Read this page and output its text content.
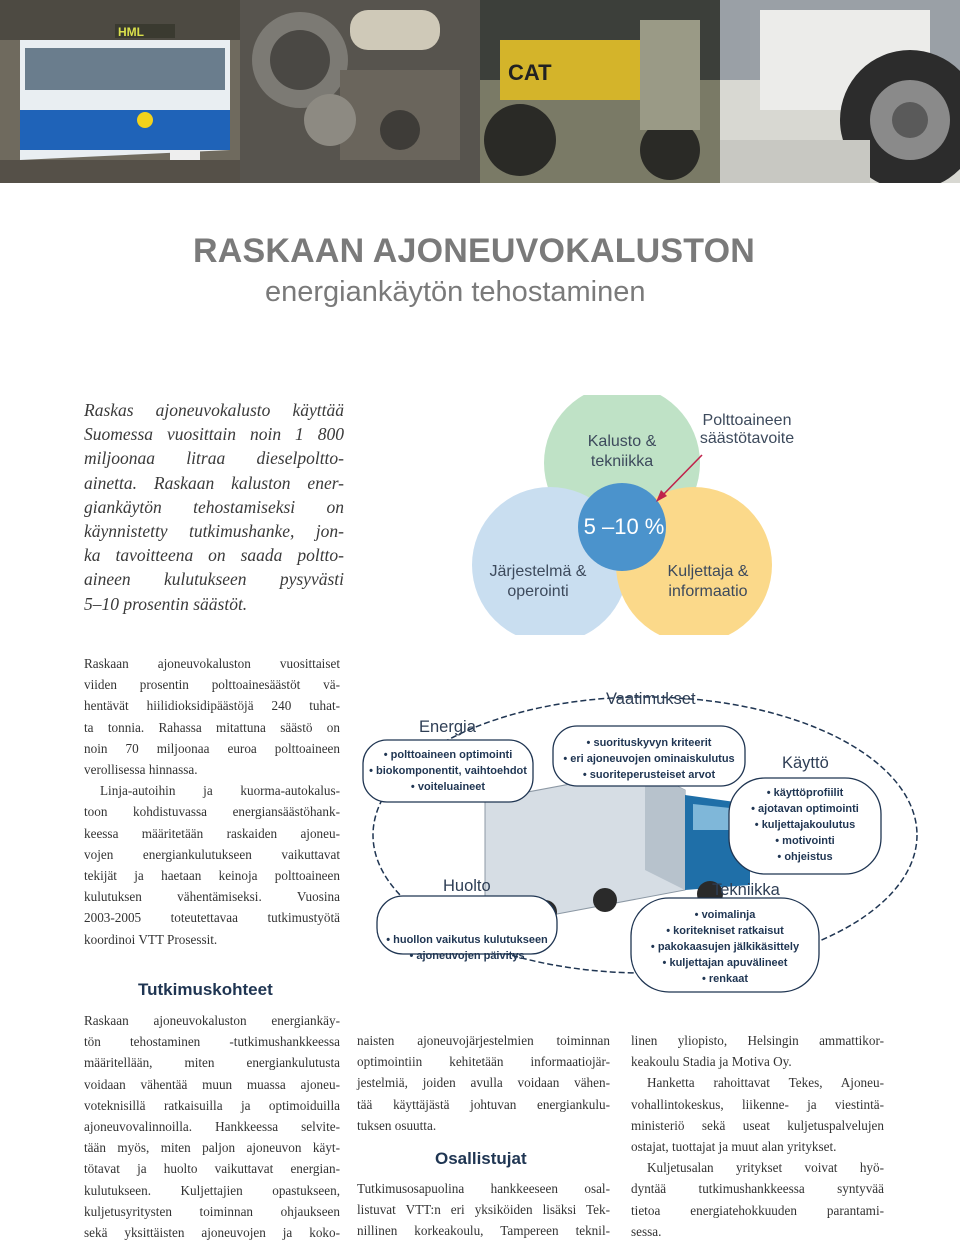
HML
CAT
RASKAAN AJONEUVOKALUSTON
energiankäytön tehostaminen
Raskas ajoneuvokalusto käyttää
Suomessa vuosittain noin 1 800
miljoonaa litraa dieselpoltto-
ainetta. Raskaan kaluston ener-
giankäytön tehostamiseksi on
käynnistetty tutkimushanke, jon-
ka tavoitteena on saada poltto-
aineen kulutukseen pysyvästi
5–10 prosentin säästöt.
Kalusto &
tekniikka
Järjestelmä &
operointi
Kuljettaja &
informaatio
5 –10 %
Polttoaineen
säästötavoite
Raskaan ajoneuvokaluston vuosittaiset
viiden prosentin polttoainesäästöt vä-
hentävät hiilidioksidipäästöjä 240 tuhat-
ta tonnia. Rahassa mitattuna säästö on
noin 70 miljoonaa euroa polttoaineen
verollisessa hinnassa.
Linja-autoihin ja kuorma-autokalus-
toon kohdistuvassa energiansäästöhank-
keessa määritetään raskaiden ajoneu-
vojen energiankulutukseen vaikuttavat
tekijät ja haetaan keinoja polttoaineen
kulutuksen vähentämiseksi. Vuosina
2003-2005 toteutettavaa tutkimustyötä
koordinoi VTT Prosessit.
Tutkimuskohteet
Raskaan ajoneuvokaluston energiankäy-
tön tehostaminen -tutkimushankkeessa
määritellään, miten energiankulutusta
voidaan vähentää muun muassa ajoneu-
voteknisillä ratkaisuilla ja optimoiduilla
ajoneuvovalinnoilla. Hankkeessa selvite-
tään myös, miten paljon ajoneuvon käyt-
tötavat ja huolto vaikuttavat energian-
kulutukseen. Kuljettajien opastukseen,
kuljetusyritysten toiminnan ohjaukseen
sekä yksittäisten ajoneuvojen ja koko-
Energia
• polttoaineen optimointi
• biokomponentit, vaihtoehdot
• voiteluaineet
Vaatimukset
• suorituskyvyn kriteerit
• eri ajoneuvojen ominaiskulutus
• suoriteperusteiset arvot
Käyttö
• käyttöprofiilit
• ajotavan optimointi
• kuljettajakoulutus
• motivointi
• ohjeistus
Huolto
• huollon vaikutus kulutukseen
• ajoneuvojen päivitys
Tekniikka
• voimalinja
• koritekniset ratkaisut
• pakokaasujen jälkikäsittely
• kuljettajan apuvälineet
• renkaat
naisten ajoneuvojärjestelmien toiminnan
optimointiin kehitetään informaatiojär-
jestelmiä, joiden avulla voidaan vähen-
tää käyttäjästä johtuvan energiankulu-
tuksen osuutta.
Osallistujat
Tutkimusosapuolina hankkeeseen osal-
listuvat VTT:n eri yksiköiden lisäksi Tek-
nillinen korkeakoulu, Tampereen teknil-
linen yliopisto, Helsingin ammattikor-
keakoulu Stadia ja Motiva Oy.
Hanketta rahoittavat Tekes, Ajoneu-
vohallintokeskus, liikenne- ja viestintä-
ministeriö sekä useat kuljetuspalvelujen
ostajat, tuottajat ja muut alan yritykset.
Kuljetusalan yritykset voivat hyö-
dyntää tutkimushankkeessa syntyvää
tietoa energiatehokkuuden parantami-
sessa.
